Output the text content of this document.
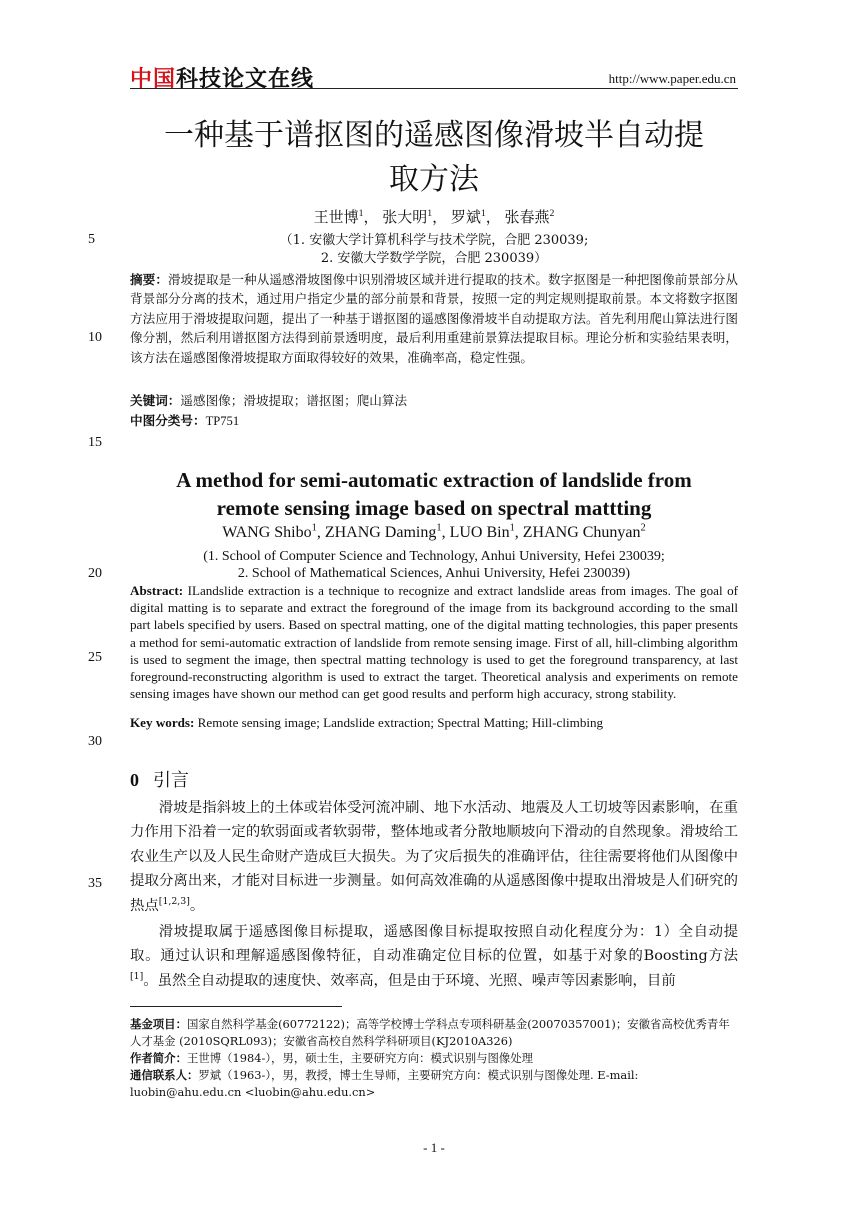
中国科技论文在线	http://www.paper.edu.cn
一种基于谱抠图的遥感图像滑坡半自动提
取方法
王世博$^1$， 张大明$^1$， 罗斌$^1$， 张春燕$^2$
5	（1. 安徽大学计算机科学与技术学院，合肥 230039;
2. 安徽大学数学学院，合肥 230039）
10
摘要：滑坡提取是一种从遥感滑坡图像中识别滑坡区域并进行提取的技术。数字抠图是一种把图像前景部分从背景部分分离的技术，通过用户指定少量的部分前景和背景，按照一定的判定规则提取前景。本文将数字抠图方法应用于滑坡提取问题，提出了一种基于谱抠图的遥感图像滑坡半自动提取方法。首先利用爬山算法进行图像分割，然后利用谱抠图方法得到前景透明度，最后利用重建前景算法提取目标。理论分析和实验结果表明，该方法在遥感图像滑坡提取方面取得较好的效果，准确率高，稳定性强。
关键词：遥感图像；滑坡提取；谱抠图；爬山算法
中图分类号：TP751
15
A method for semi-automatic extraction of landslide from
remote sensing image based on spectral mattting
WANG Shibo$^1$, ZHANG Daming$^1$, LUO Bin$^1$, ZHANG Chunyan$^2$
(1. School of Computer Science and Technology, Anhui University, Hefei 230039;
2. School of Mathematical Sciences, Anhui University, Hefei 230039)
20
Abstract: ILandslide extraction is a technique to recognize and extract landslide areas from images. The goal of digital matting is to separate and extract the foreground of the image from its background according to the small part labels specified by users. Based on spectral matting, one of the digital matting technologies, this paper presents a method for semi-automatic extraction of landslide from remote sensing image. First of all, hill-climbing algorithm is used to segment the image, then spectral matting technology is used to get the foreground transparency, at last foreground-reconstructing algorithm is used to extract the target. Theoretical analysis and experiments on remote sensing images have shown our method can get good results and perform high accuracy, strong stability.
25
Key words: Remote sensing image; Landslide extraction; Spectral Matting; Hill-climbing
30
0 引言
滑坡是指斜坡上的土体或岩体受河流冲刷、地下水活动、地震及人工切坡等因素影响，在重力作用下沿着一定的软弱面或者软弱带，整体地或者分散地顺坡向下滑动的自然现象。滑坡给工农业生产以及人民生命财产造成巨大损失。为了灾后损失的准确评估，往往需要将他们从图像中提取分离出来，才能对目标进一步测量。如何高效准确的从遥感图像中提取出滑坡是人们研究的热点[1,2,3]。
35
滑坡提取属于遥感图像目标提取，遥感图像目标提取按照自动化程度分为：1）全自动提取。通过认识和理解遥感图像特征，自动准确定位目标的位置，如基于对象的Boosting方法[1]。虽然全自动提取的速度快、效率高，但是由于环境、光照、噪声等因素影响，目前
基金项目：国家自然科学基金(60772122)；高等学校博士学科点专项科研基金(20070357001)；安徽省高校优秀青年人才基金 (2010SQRL093)；安徽省高校自然科学科研项目(KJ2010A326)
作者简介：王世博（1984-），男，硕士生，主要研究方向：模式识别与图像处理
通信联系人：罗斌（1963-），男，教授，博士生导师，主要研究方向：模式识别与图像处理. E-mail: luobin@ahu.edu.cn <luobin@ahu.edu.cn>
- 1 -
